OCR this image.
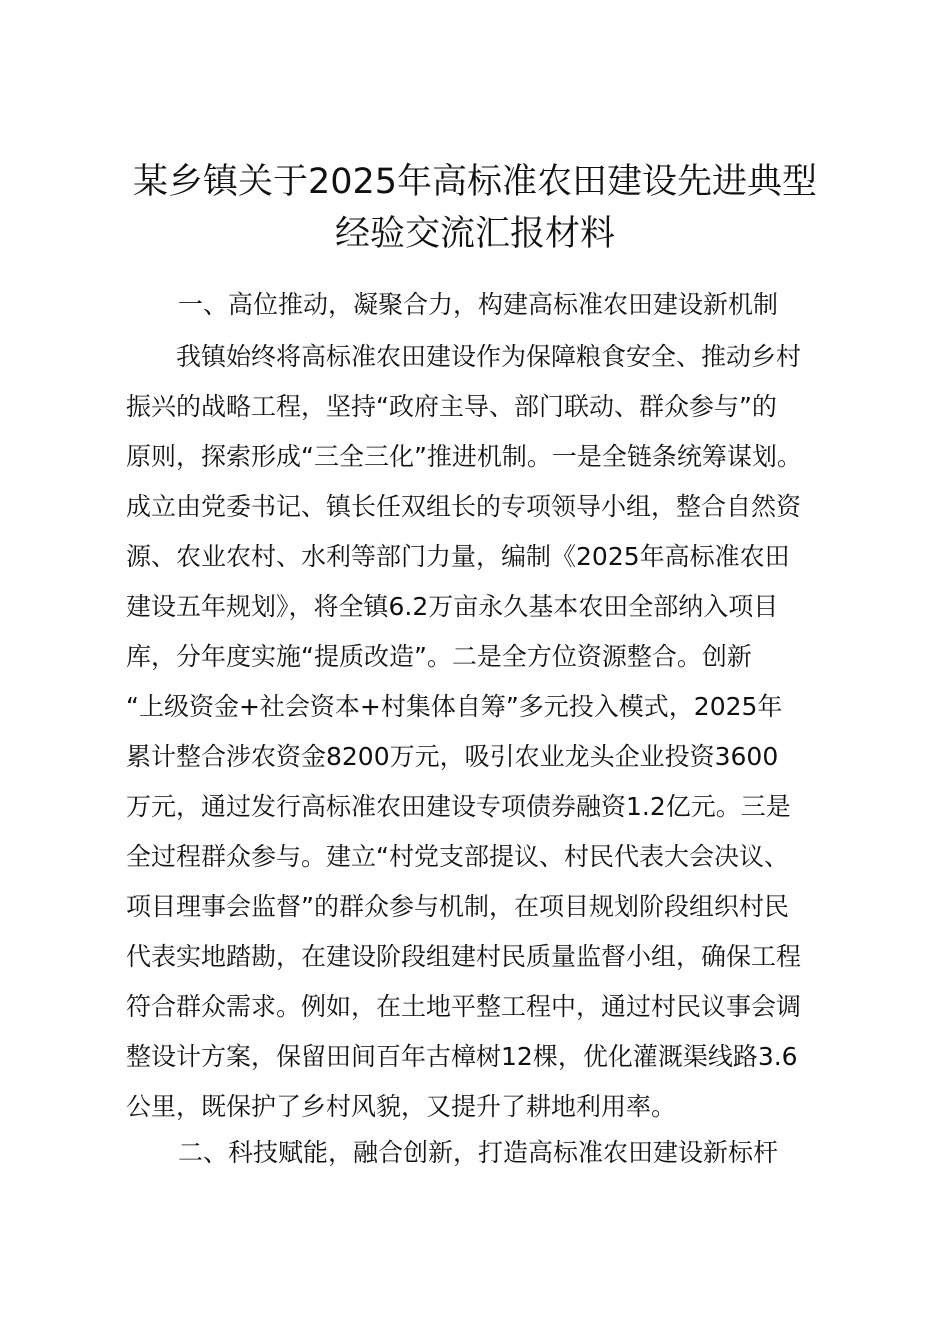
某乡镇关于2025年高标准农田建设先进典型
经验交流汇报材料
一、高位推动，凝聚合力，构建高标准农田建设新机制
　　我镇始终将高标准农田建设作为保障粮食安全、推动乡村
振兴的战略工程，坚持“政府主导、部门联动、群众参与”的
原则，探索形成“三全三化”推进机制。一是全链条统筹谋划。
成立由党委书记、镇长任双组长的专项领导小组，整合自然资
源、农业农村、水利等部门力量，编制《2025年高标准农田
建设五年规划》，将全镇6.2万亩永久基本农田全部纳入项目
库，分年度实施“提质改造”。二是全方位资源整合。创新
“上级资金+社会资本+村集体自筹”多元投入模式，2025年
累计整合涉农资金8200万元，吸引农业龙头企业投资3600
万元，通过发行高标准农田建设专项债券融资1.2亿元。三是
全过程群众参与。建立“村党支部提议、村民代表大会决议、
项目理事会监督”的群众参与机制，在项目规划阶段组织村民
代表实地踏勘，在建设阶段组建村民质量监督小组，确保工程
符合群众需求。例如，在土地平整工程中，通过村民议事会调
整设计方案，保留田间百年古樟树12棵，优化灌溉渠线路3.6
公里，既保护了乡村风貌，又提升了耕地利用率。
二、科技赋能，融合创新，打造高标准农田建设新标杆
